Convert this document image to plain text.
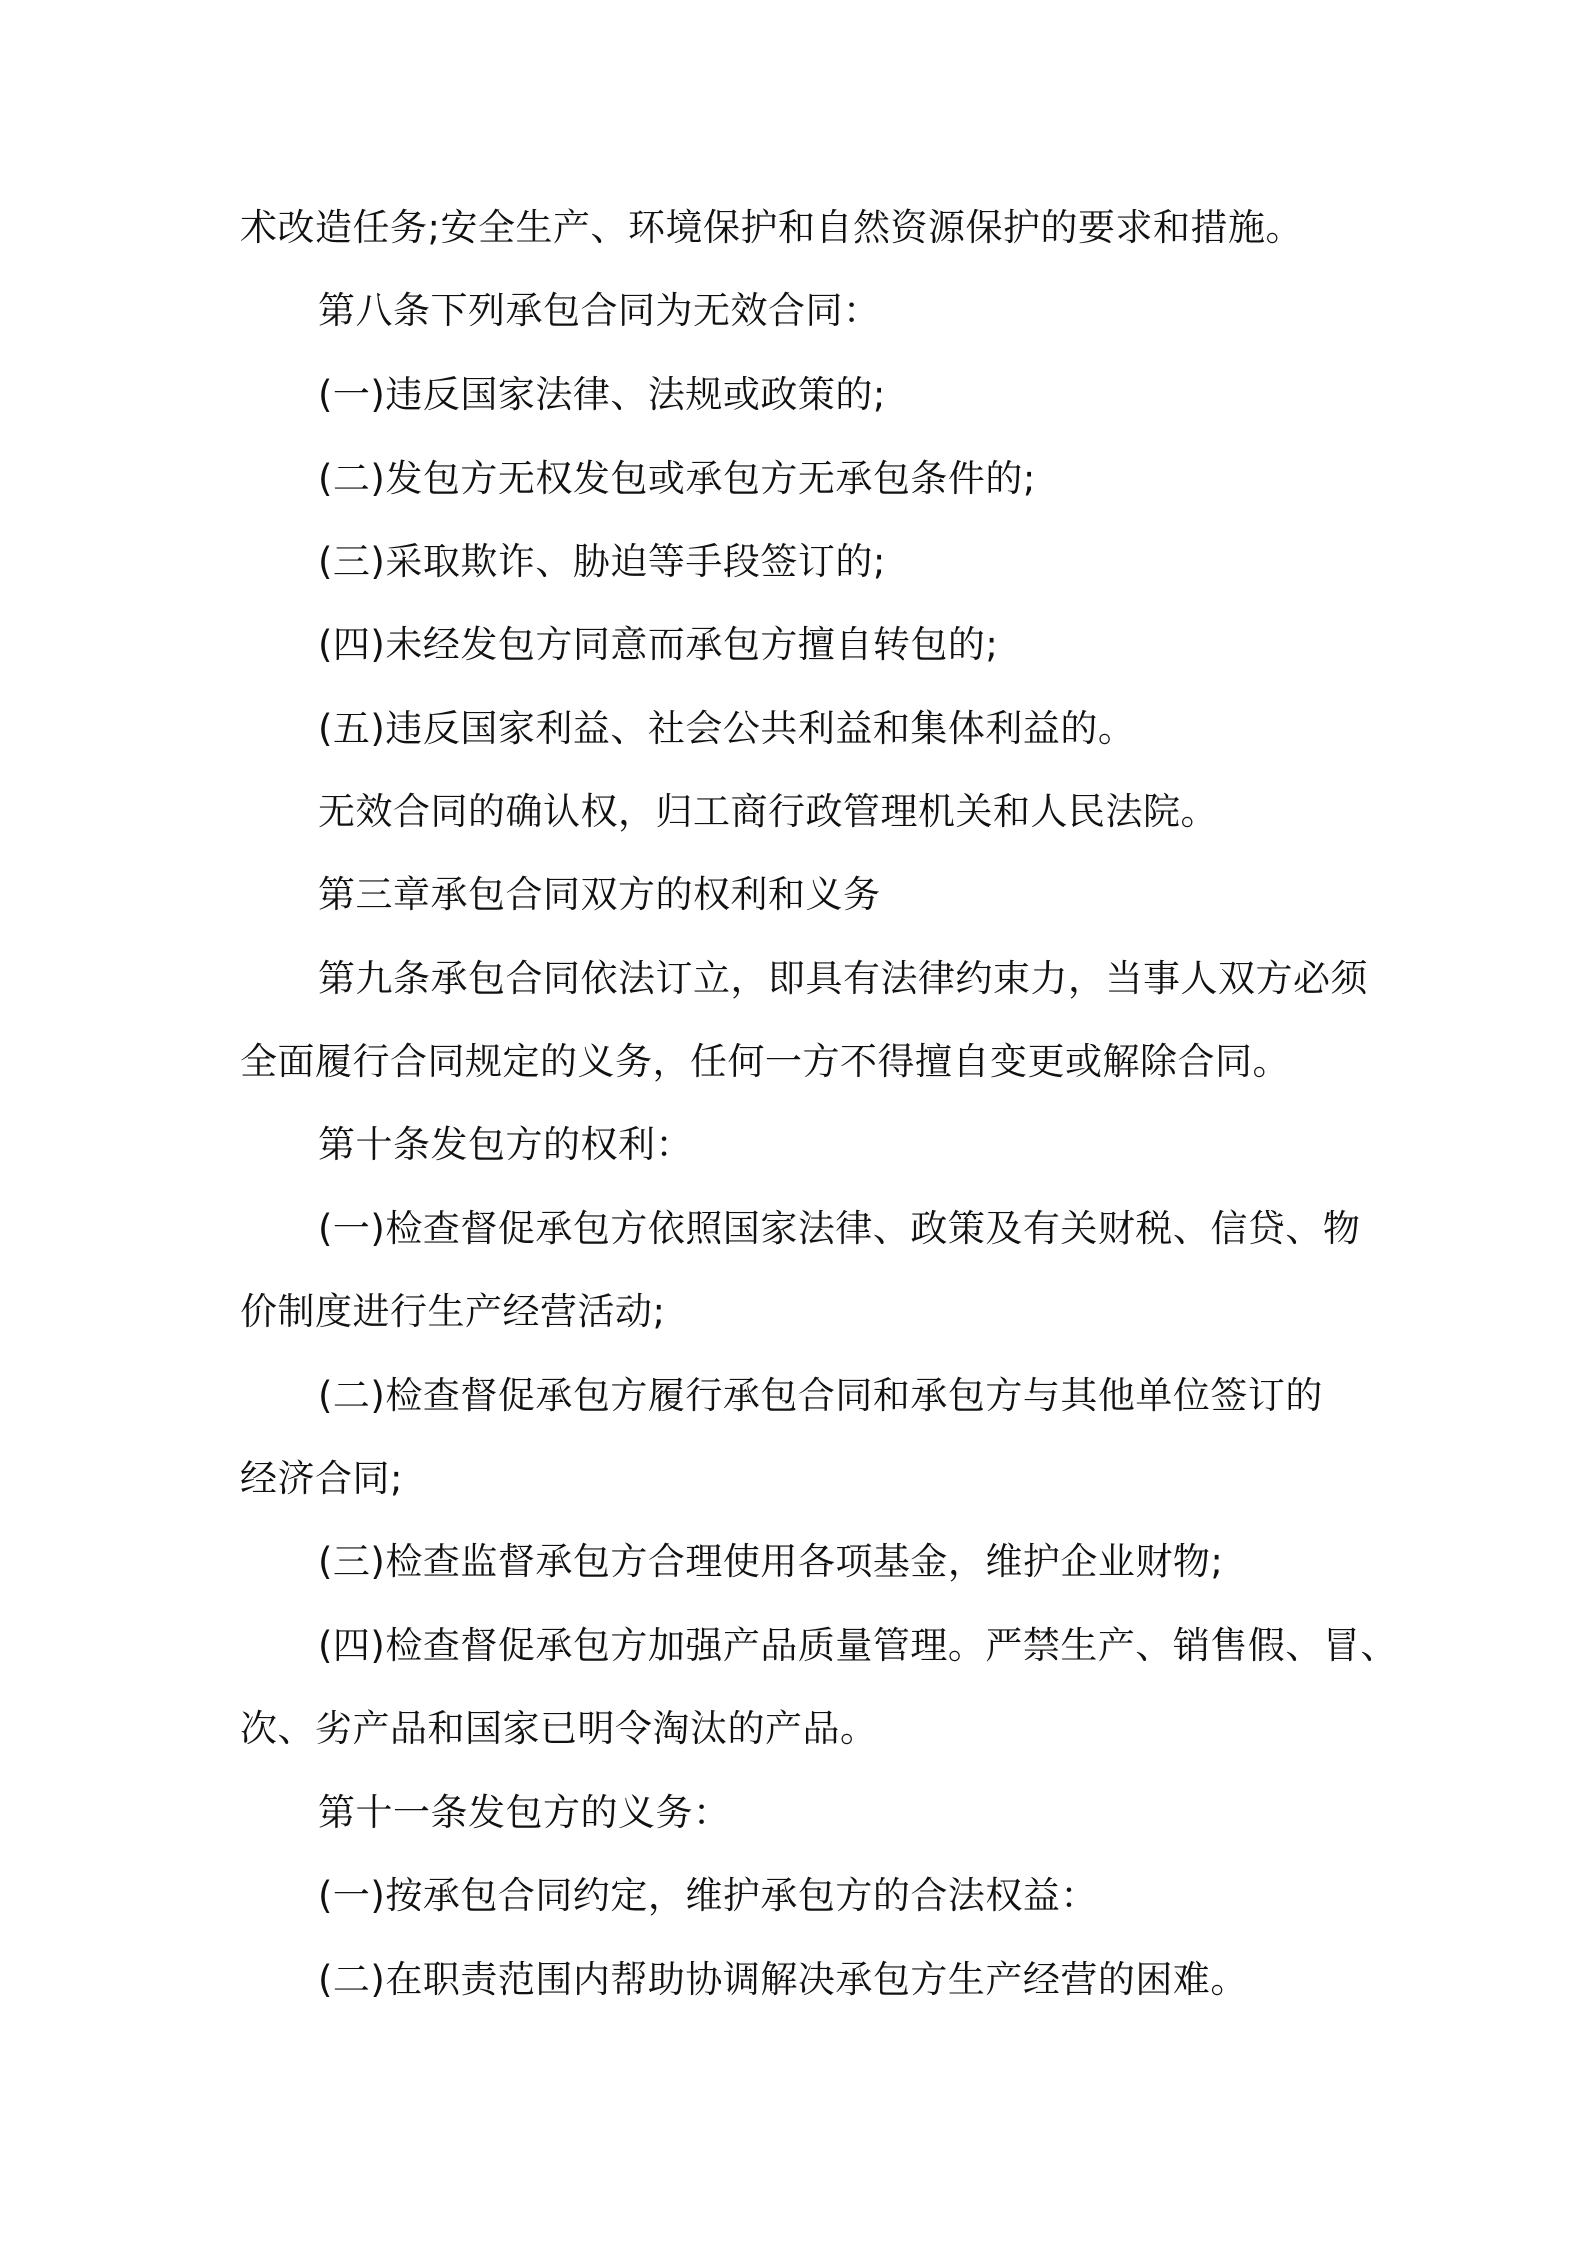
术改造任务;安全生产、环境保护和自然资源保护的要求和措施。
第八条下列承包合同为无效合同：
(一)违反国家法律、法规或政策的;
(二)发包方无权发包或承包方无承包条件的;
(三)采取欺诈、胁迫等手段签订的;
(四)未经发包方同意而承包方擅自转包的;
(五)违反国家利益、社会公共利益和集体利益的。
无效合同的确认权，归工商行政管理机关和人民法院。
第三章承包合同双方的权利和义务
第九条承包合同依法订立，即具有法律约束力，当事人双方必须
全面履行合同规定的义务，任何一方不得擅自变更或解除合同。
第十条发包方的权利：
(一)检查督促承包方依照国家法律、政策及有关财税、信贷、物
价制度进行生产经营活动;
(二)检查督促承包方履行承包合同和承包方与其他单位签订的
经济合同;
(三)检查监督承包方合理使用各项基金，维护企业财物;
(四)检查督促承包方加强产品质量管理。严禁生产、销售假、冒、
次、劣产品和国家已明令淘汰的产品。
第十一条发包方的义务：
(一)按承包合同约定，维护承包方的合法权益：
(二)在职责范围内帮助协调解决承包方生产经营的困难。
